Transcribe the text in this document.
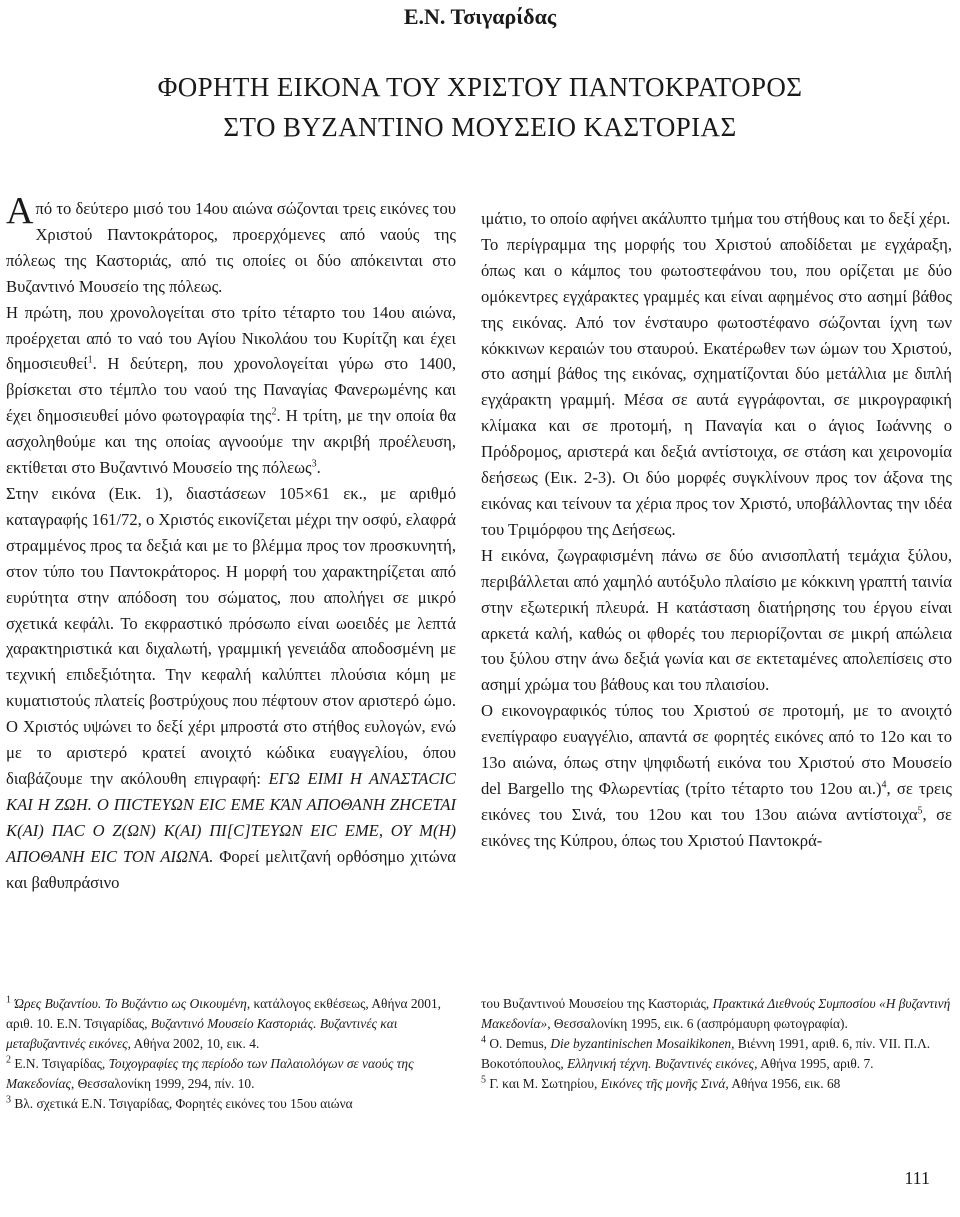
Ε.Ν. Τσιγαρίδας
ΦΟΡΗΤΗ ΕΙΚΟΝΑ ΤΟΥ ΧΡΙΣΤΟΥ ΠΑΝΤΟΚΡΑΤΟΡΟΣ
ΣΤΟ ΒΥΖΑΝΤΙΝΟ ΜΟΥΣΕΙΟ ΚΑΣΤΟΡΙΑΣ

Από το δεύτερο μισό του 14ου αιώνα σώζονται τρεις εικόνες του Χριστού Παντοκράτορος, προερχόμενες από ναούς της πόλεως της Καστοριάς, από τις οποίες οι δύο απόκεινται στο Βυζαντινό Μουσείο της πόλεως.

Η πρώτη, που χρονολογείται στο τρίτο τέταρτο του 14ου αιώνα, προέρχεται από το ναό του Αγίου Νικολάου του Κυρίτζη και έχει δημοσιευθεί$^1$. Η δεύτερη, που χρονολογείται γύρω στο 1400, βρίσκεται στο τέμπλο του ναού της Παναγίας Φανερωμένης και έχει δημοσιευθεί μόνο φωτογραφία της$^2$. Η τρίτη, με την οποία θα ασχοληθούμε και της οποίας αγνοούμε την ακριβή προέλευση, εκτίθεται στο Βυζαντινό Μουσείο της πόλεως$^3$.

Στην εικόνα (Εικ. 1), διαστάσεων 105×61 εκ., με αριθμό καταγραφής 161/72, ο Χριστός εικονίζεται μέχρι την οσφύ, ελαφρά στραμμένος προς τα δεξιά και με το βλέμμα προς τον προσκυνητή, στον τύπο του Παντοκράτορος. Η μορφή του χαρακτηρίζεται από ευρύτητα στην απόδοση του σώματος, που απολήγει σε μικρό σχετικά κεφάλι. Το εκφραστικό πρόσωπο είναι ωοειδές με λεπτά χαρακτηριστικά και διχαλωτή, γραμμική γενειάδα αποδοσμένη με τεχνική επιδεξιότητα. Την κεφαλή καλύπτει πλούσια κόμη με κυματιστούς πλατείς βοστρύχους που πέφτουν στον αριστερό ώμο. Ο Χριστός υψώνει το δεξί χέρι μπροστά στο στήθος ευλογών, ενώ με το αριστερό κρατεί ανοιχτό κώδικα ευαγγελίου, όπου διαβάζουμε την ακόλουθη επιγραφή: ΕΓΩ ΕΙΜΙ Η ΑΝΑΣΤΑCIC ΚΑΙ Η ΖΩΗ. Ο ΠΙCΤΕΥΩΝ ΕΙC ΕΜΕ ΚΆΝ ΑΠΟΘΑΝΗ ΖΗCΕΤΑΙ Κ(ΑΙ) ΠΑC Ο Ζ(ΩΝ) Κ(ΑΙ) ΠΙ[C]ΤΕΥΩΝ ΕΙC ΕΜΕ, ΟΥ Μ(Η) ΑΠΟΘΑΝΗ ΕΙC ΤΟΝ ΑΙΩΝΑ. Φορεί μελιτζανή ορθόσημο χιτώνα και βαθυπράσινο

ιμάτιο, το οποίο αφήνει ακάλυπτο τμήμα του στήθους και το δεξί χέρι.

Το περίγραμμα της μορφής του Χριστού αποδίδεται με εγχάραξη, όπως και ο κάμπος του φωτοστεφάνου του, που ορίζεται με δύο ομόκεντρες εγχάρακτες γραμμές και είναι αφημένος στο ασημί βάθος της εικόνας. Από τον ένσταυρο φωτοστέφανο σώζονται ίχνη των κόκκινων κεραιών του σταυρού. Εκατέρωθεν των ώμων του Χριστού, στο ασημί βάθος της εικόνας, σχηματίζονται δύο μετάλλια με διπλή εγχάρακτη γραμμή. Μέσα σε αυτά εγγράφονται, σε μικρογραφική κλίμακα και σε προτομή, η Παναγία και ο άγιος Ιωάννης ο Πρόδρομος, αριστερά και δεξιά αντίστοιχα, σε στάση και χειρονομία δεήσεως (Εικ. 2-3). Οι δύο μορφές συγκλίνουν προς τον άξονα της εικόνας και τείνουν τα χέρια προς τον Χριστό, υποβάλλοντας την ιδέα του Τριμόρφου της Δεήσεως.

Η εικόνα, ζωγραφισμένη πάνω σε δύο ανισοπλατή τεμάχια ξύλου, περιβάλλεται από χαμηλό αυτόξυλο πλαίσιο με κόκκινη γραπτή ταινία στην εξωτερική πλευρά. Η κατάσταση διατήρησης του έργου είναι αρκετά καλή, καθώς οι φθορές του περιορίζονται σε μικρή απώλεια του ξύλου στην άνω δεξιά γωνία και σε εκτεταμένες απολεπίσεις στο ασημί χρώμα του βάθους και του πλαισίου.

Ο εικονογραφικός τύπος του Χριστού σε προτομή, με το ανοιχτό ενεπίγραφο ευαγγέλιο, απαντά σε φορητές εικόνες από το 12ο και το 13ο αιώνα, όπως στην ψηφιδωτή εικόνα του Χριστού στο Μουσείο del Bargello της Φλωρεντίας (τρίτο τέταρτο του 12ου αι.)$^4$, σε τρεις εικόνες του Σινά, του 12ου και του 13ου αιώνα αντίστοιχα$^5$, σε εικόνες της Κύπρου, όπως του Χριστού Παντοκρά-

$^1$ Ώρες Βυζαντίου. Το Βυζάντιο ως Οικουμένη, κατάλογος εκθέσεως, Αθήνα 2001, αριθ. 10. Ε.Ν. Τσιγαρίδας, Βυζαντινό Μουσείο Καστοριάς. Βυζαντινές και μεταβυζαντινές εικόνες, Αθήνα 2002, 10, εικ. 4.

$^2$ Ε.Ν. Τσιγαρίδας, Τοιχογραφίες της περίοδο των Παλαιολόγων σε ναούς της Μακεδονίας, Θεσσαλονίκη 1999, 294, πίν. 10.

$^3$ Βλ. σχετικά Ε.Ν. Τσιγαρίδας, Φορητές εικόνες του 15ου αιώνα

του Βυζαντινού Μουσείου της Καστοριάς, Πρακτικά Διεθνούς Συμποσίου «Η βυζαντινή Μακεδονία», Θεσσαλονίκη 1995, εικ. 6 (ασπρόμαυρη φωτογραφία).

$^4$ O. Demus, Die byzantinischen Mosaikikonen, Βιέννη 1991, αριθ. 6, πίν. VII. Π.Λ. Βοκοτόπουλος, Ελληνική τέχνη. Βυζαντινές εικόνες, Αθήνα 1995, αριθ. 7.

$^5$ Γ. και Μ. Σωτηρίου, Εικόνες τῆς μονῆς Σινά, Αθήνα 1956, εικ. 68

111
